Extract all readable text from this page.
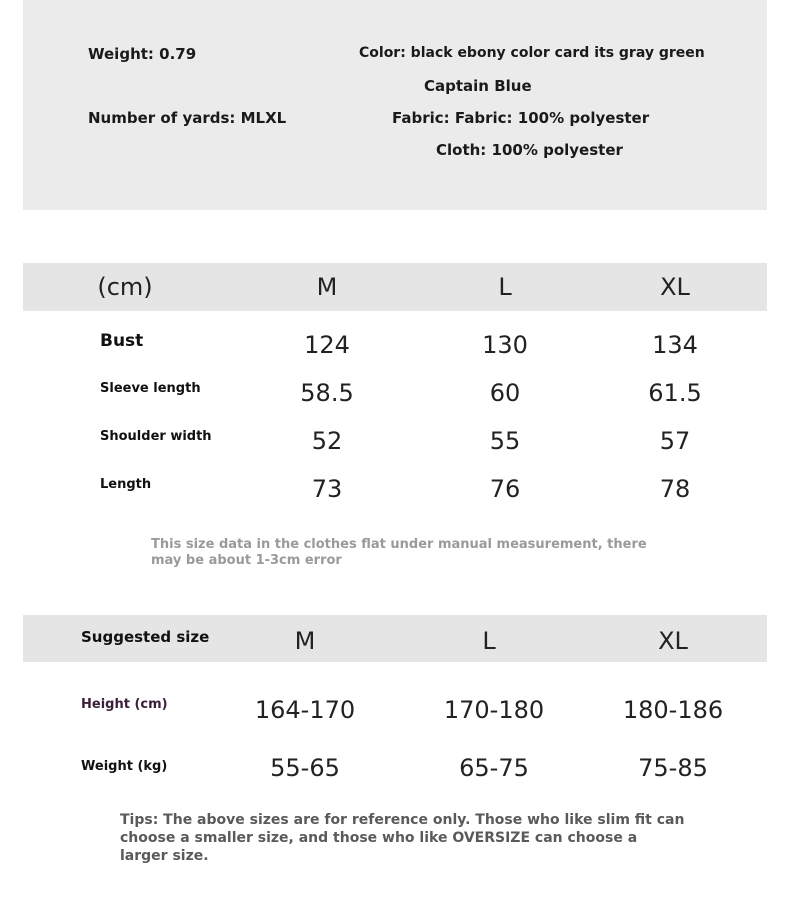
Weight: 0.79
Number of yards: MLXL
Color: black ebony color card its gray green
Captain Blue
Fabric: Fabric: 100% polyester
Cloth: 100% polyester
(cm)	M	L	XL
Bust	124	130	134
Sleeve length	58.5	60	61.5
Shoulder width	52	55	57
Length	73	76	78
This size data in the clothes flat under manual measurement, there may be about 1-3cm error
Suggested size	M	L	XL
Height (cm)	164-170	170-180	180-186
Weight (kg)	55-65	65-75	75-85
Tips: The above sizes are for reference only. Those who like slim fit can choose a smaller size, and those who like OVERSIZE can choose a larger size.
